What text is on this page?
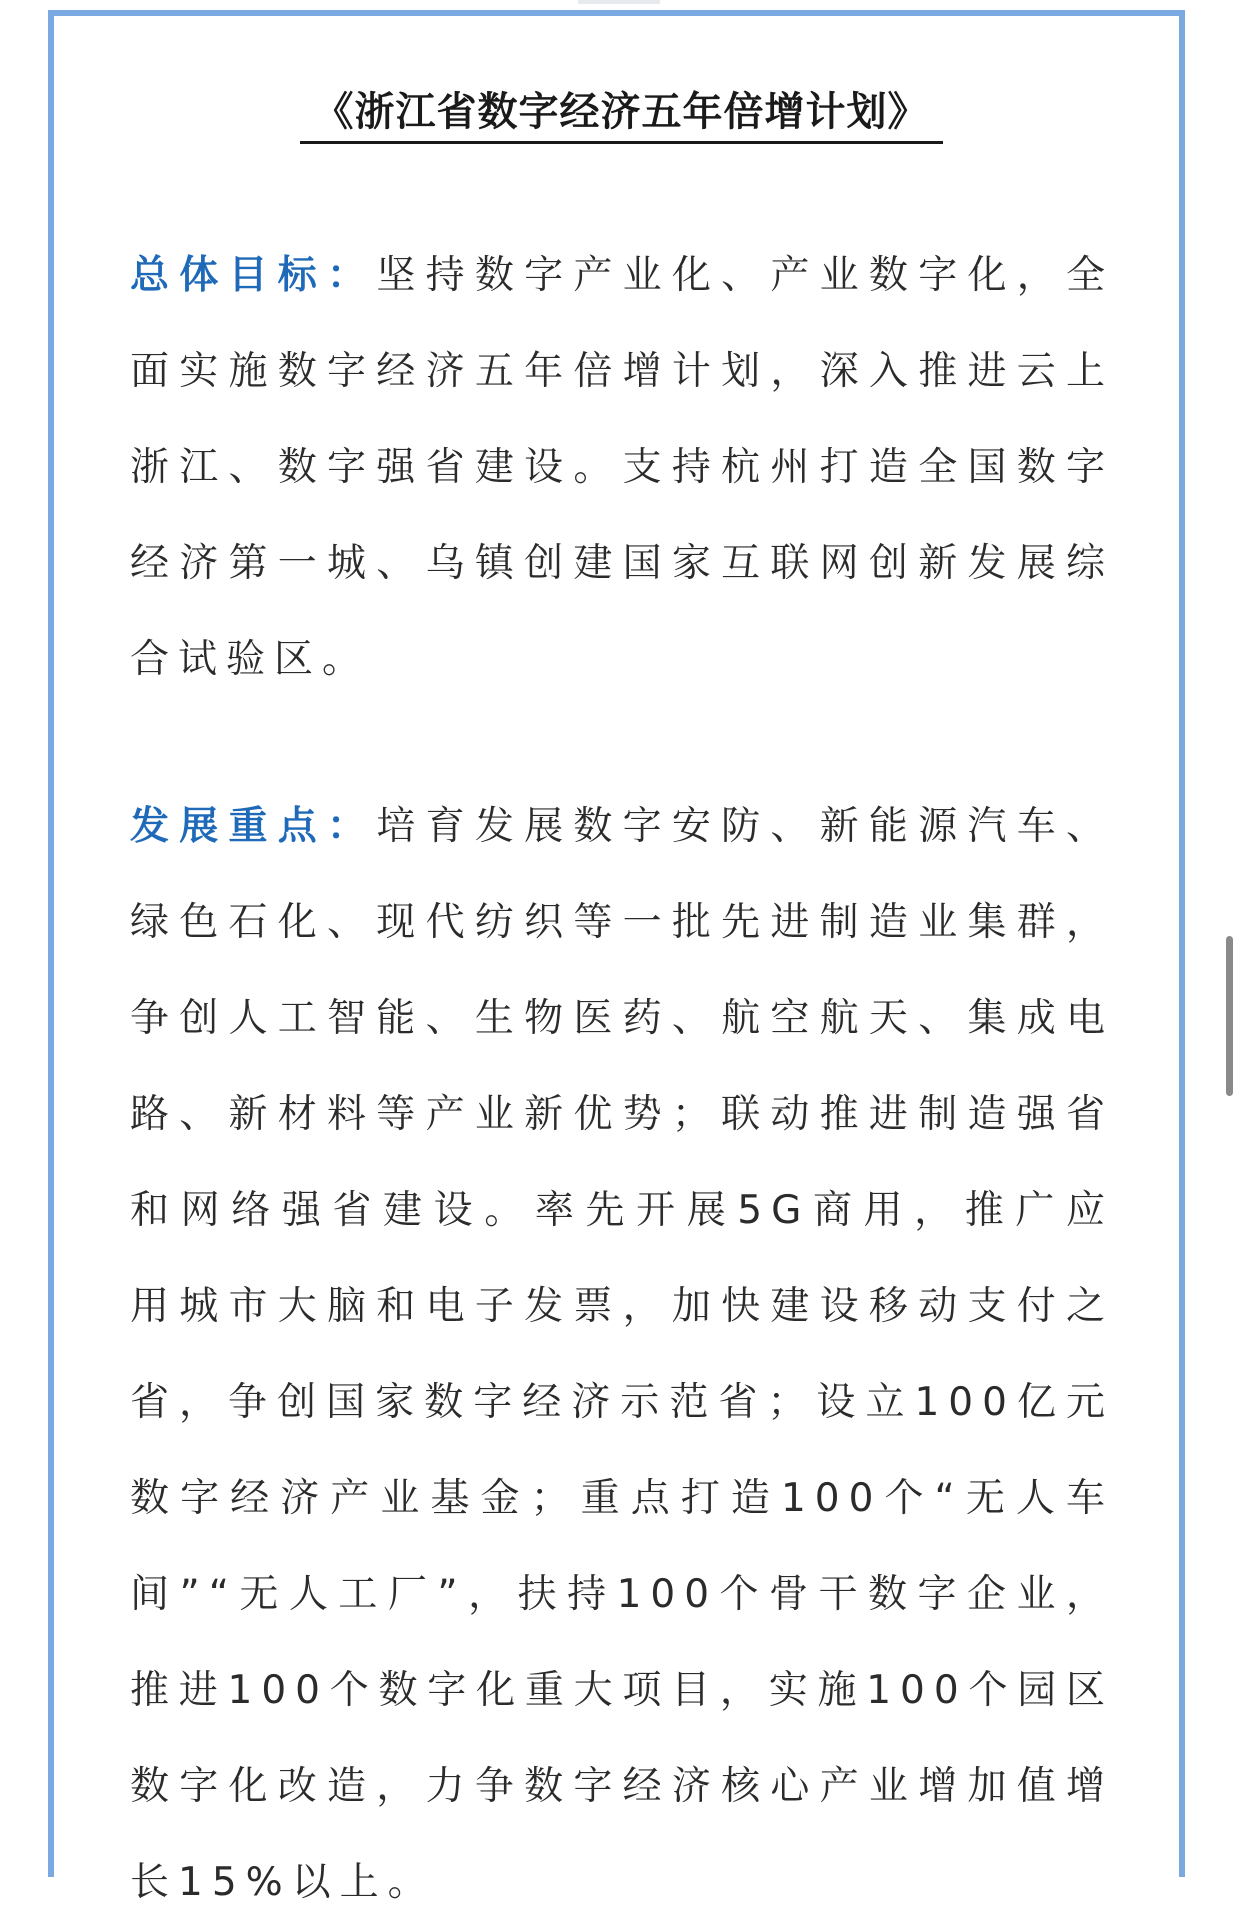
《浙江省数字经济五年倍增计划》

总体目标：坚持数字产业化、产业数字化，全面实施数字经济五年倍增计划，深入推进云上浙江、数字强省建设。支持杭州打造全国数字经济第一城、乌镇创建国家互联网创新发展综合试验区。

发展重点：培育发展数字安防、新能源汽车、绿色石化、现代纺织等一批先进制造业集群，争创人工智能、生物医药、航空航天、集成电路、新材料等产业新优势；联动推进制造强省和网络强省建设。率先开展5G商用，推广应用城市大脑和电子发票，加快建设移动支付之省，争创国家数字经济示范省；设立100亿元数字经济产业基金；重点打造100个“无人车间”“无人工厂”，扶持100个骨干数字企业，推进100个数字化重大项目，实施100个园区数字化改造，力争数字经济核心产业增加值增长15%以上。
